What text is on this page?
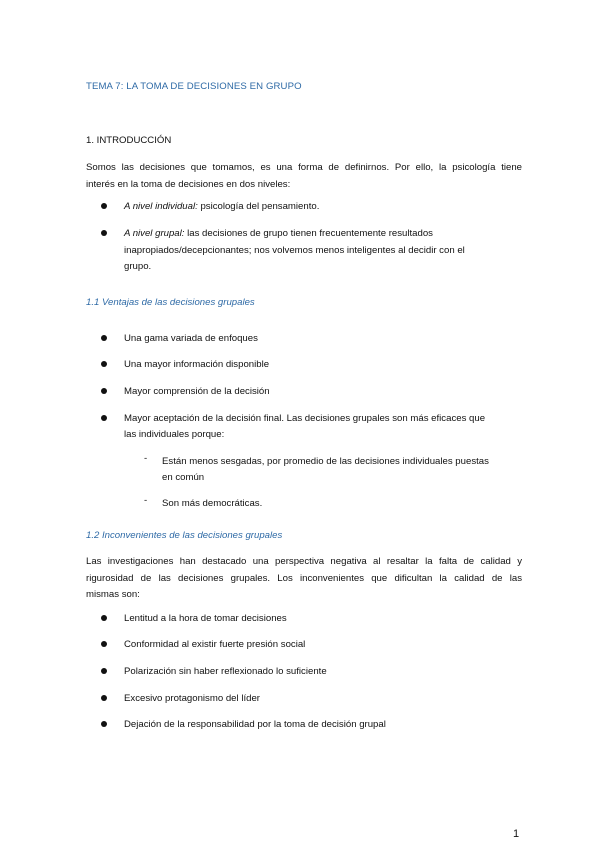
TEMA 7: LA TOMA DE DECISIONES EN GRUPO
1. INTRODUCCIÓN
Somos las decisiones que tomamos, es una forma de definirnos. Por ello, la psicología tiene
interés en la toma de decisiones en dos niveles:
A nivel individual: psicología del pensamiento.
A nivel grupal: las decisiones de grupo tienen frecuentemente resultados
inapropiados/decepcionantes; nos volvemos menos inteligentes al decidir con el
grupo.
1.1 Ventajas de las decisiones grupales
Una gama variada de enfoques
Una mayor información disponible
Mayor comprensión de la decisión
Mayor aceptación de la decisión final. Las decisiones grupales son más eficaces que
las individuales porque:
- Están menos sesgadas, por promedio de las decisiones individuales puestas
en común
- Son más democráticas.
1.2 Inconvenientes de las decisiones grupales
Las investigaciones han destacado una perspectiva negativa al resaltar la falta de calidad y
rigurosidad de las decisiones grupales. Los inconvenientes que dificultan la calidad de las
mismas son:
Lentitud a la hora de tomar decisiones
Conformidad al existir fuerte presión social
Polarización sin haber reflexionado lo suficiente
Excesivo protagonismo del líder
Dejación de la responsabilidad por la toma de decisión grupal
1
